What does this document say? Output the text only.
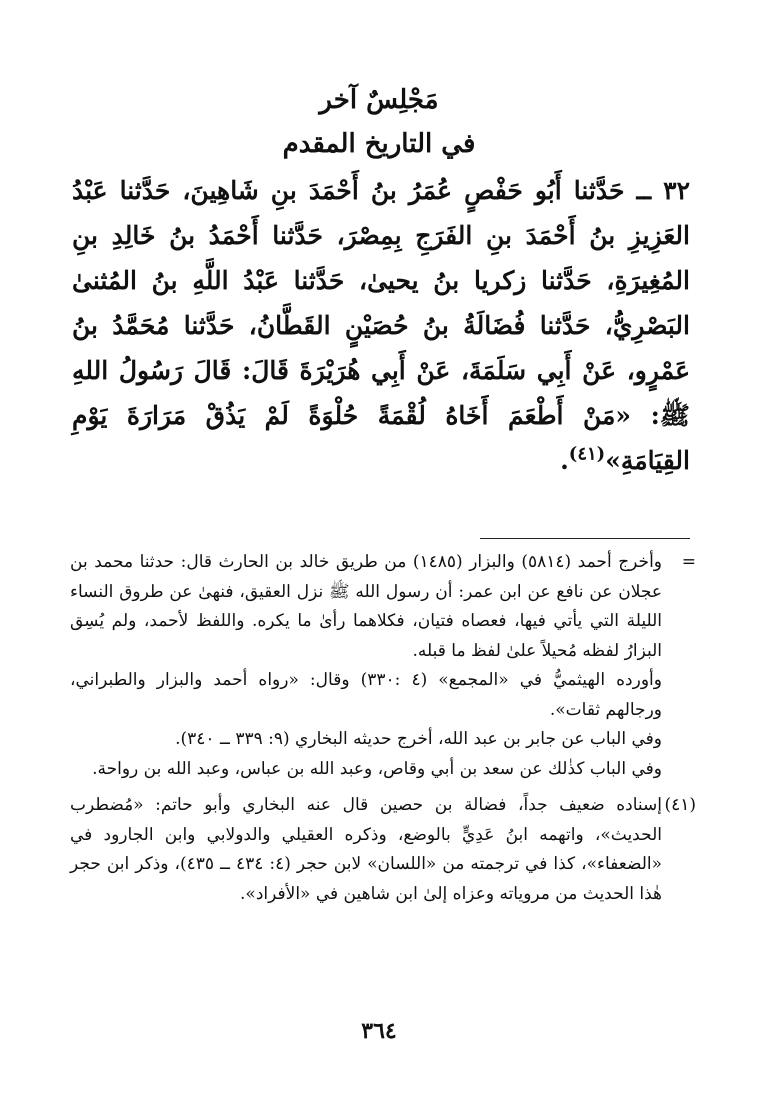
مَجْلِسٌ آخر
في التاريخ المقدم
٣٢ ــ حَدَّثنا أَبُو حَفْصٍ عُمَرُ بنُ أَحْمَدَ بنِ شَاهِينَ، حَدَّثنا عَبْدُ العَزِيزِ بنُ أَحْمَدَ بنِ الفَرَجِ بِمِصْرَ، حَدَّثنا أَحْمَدُ بنُ خَالِدِ بنِ المُغِيرَةِ، حَدَّثنا زكريا بنُ يحيىٰ، حَدَّثنا عَبْدُ اللَّهِ بنُ المُثنىٰ البَصْرِيُّ، حَدَّثنا فُضَالَةُ بنُ حُصَيْنٍ القَطَّانُ، حَدَّثنا مُحَمَّدُ بنُ عَمْرٍو، عَنْ أَبِي سَلَمَةَ، عَنْ أَبِي هُرَيْرَةَ قَالَ: قَالَ رَسُولُ اللهِ ﷺ: «مَنْ أَطْعَمَ أَخَاهُ لُقْمَةً حُلْوَةً لَمْ يَذُقْ مَرَارَةَ يَوْمِ القِيَامَةِ»$^{(٤١)}$.
=

وأخرج أحمد (٥٨١٤) والبزار (١٤٨٥) من طريق خالد بن الحارث قال: حدثنا محمد بن عجلان عن نافع عن ابن عمر: أن رسول الله ﷺ نزل العقيق، فنهىٰ عن طروق النساء الليلة التي يأتي فيها، فعصاه فتيان، فكلاهما رأىٰ ما يكره. واللفظ لأحمد، ولم يُسِق البزارُ لفظه مُحيلاً علىٰ لفظ ما قبله.

وأورده الهيثميُّ في «المجمع» (٤ :٣٣٠) وقال: «رواه أحمد والبزار والطبراني، ورجالهم ثقات».

وفي الباب عن جابر بن عبد الله، أخرج حديثه البخاري (٩: ٣٣٩ ــ ٣٤٠).

وفي الباب كذٰلك عن سعد بن أبي وقاص، وعبد الله بن عباس، وعبد الله بن رواحة.

(٤١)

إسناده ضعيف جداً، فضالة بن حصين قال عنه البخاري وأبو حاتم: «مُضطرب الحديث»، واتهمه ابنُ عَدِيٍّ بالوضع، وذكره العقيلي والدولابي وابن الجارود في «الضعفاء»، كذا في ترجمته من «اللسان» لابن حجر (٤: ٤٣٤ ــ ٤٣٥)، وذكر ابن حجر هٰذا الحديث من مروياته وعزاه إلىٰ ابن شاهين في «الأفراد».

٣٦٤
